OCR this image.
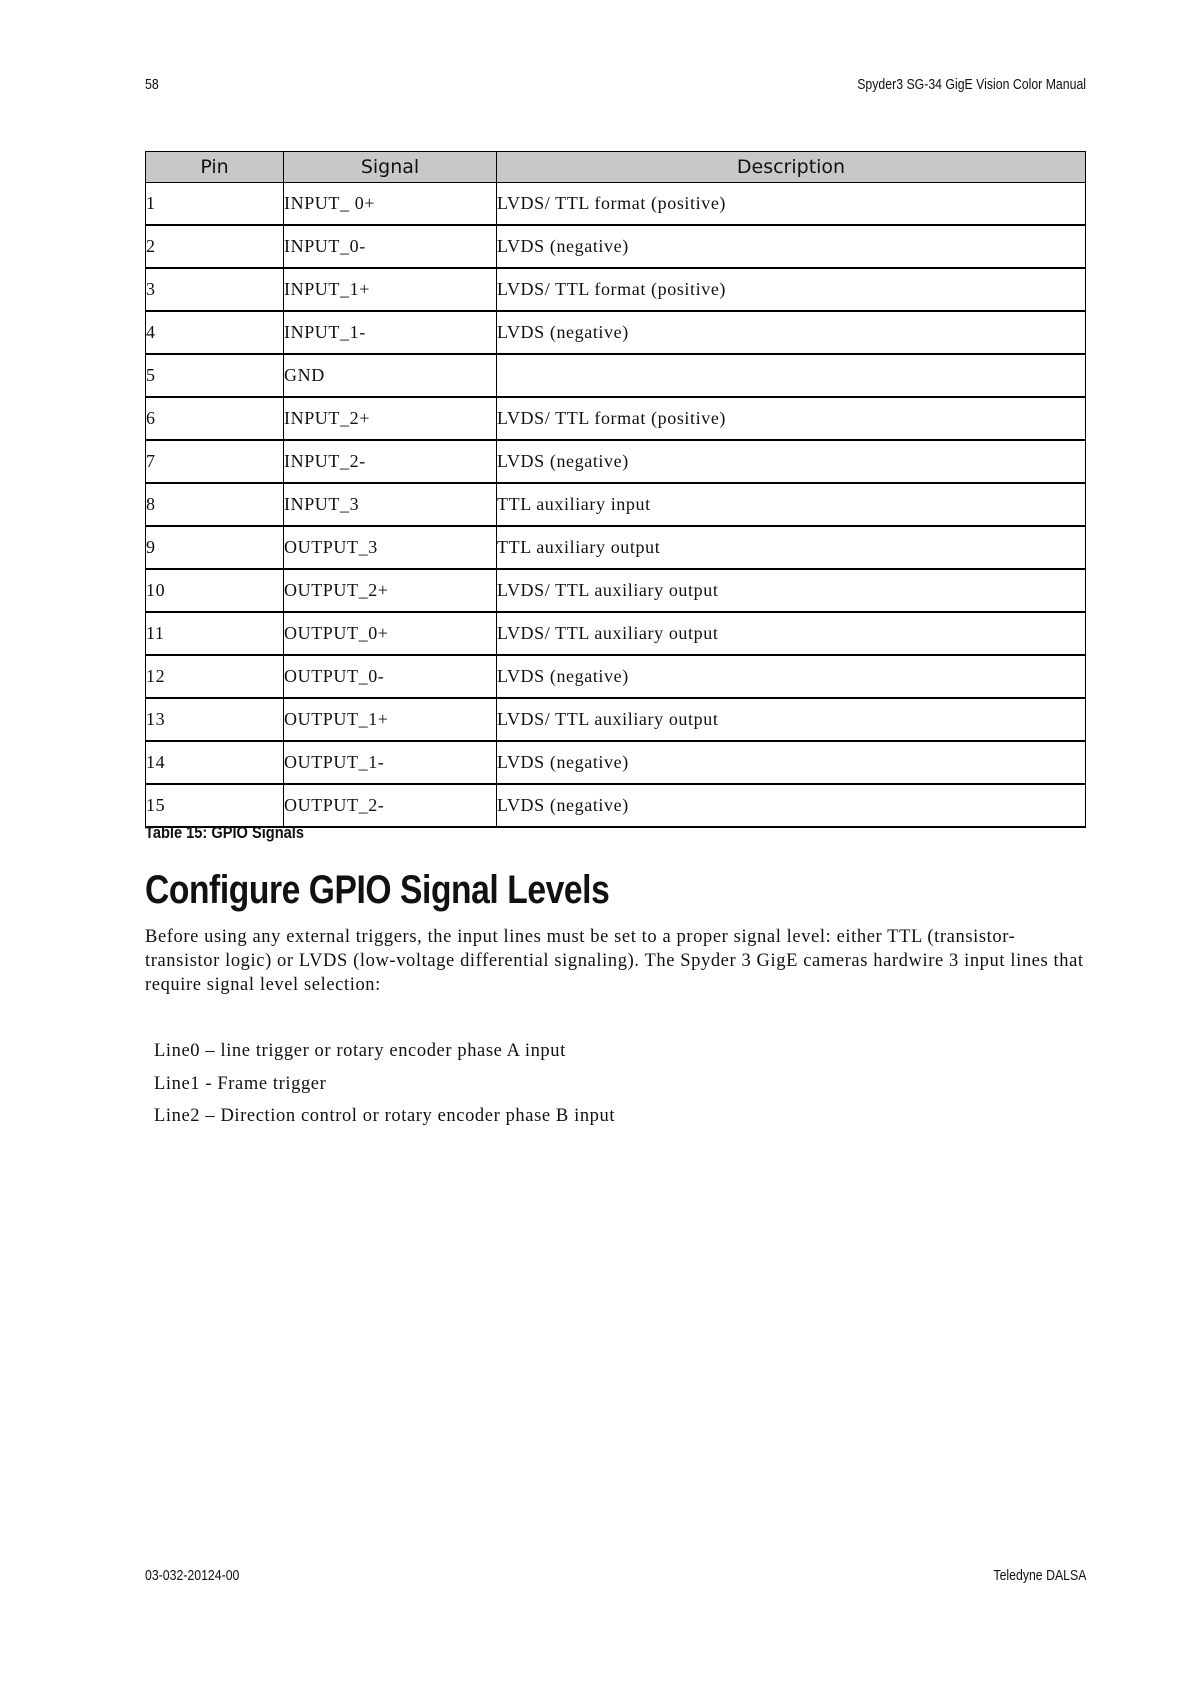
58	Spyder3 SG-34 GigE Vision Color Manual
Pin	Signal	Description
1	INPUT_ 0+	LVDS/ TTL format (positive)
2	INPUT_0-	LVDS (negative)
3	INPUT_1+	LVDS/ TTL format (positive)
4	INPUT_1-	LVDS (negative)
5	GND	
6	INPUT_2+	LVDS/ TTL format (positive)
7	INPUT_2-	LVDS (negative)
8	INPUT_3	TTL auxiliary input
9	OUTPUT_3	TTL auxiliary output
10	OUTPUT_2+	LVDS/ TTL auxiliary output
11	OUTPUT_0+	LVDS/ TTL auxiliary output
12	OUTPUT_0-	LVDS (negative)
13	OUTPUT_1+	LVDS/ TTL auxiliary output
14	OUTPUT_1-	LVDS (negative)
15	OUTPUT_2-	LVDS (negative)
Table 15: GPIO Signals
Configure GPIO Signal Levels

Before using any external triggers, the input lines must be set to a proper signal level: either TTL (transistor-transistor logic) or LVDS (low-voltage differential signaling). The Spyder 3 GigE cameras hardwire 3 input lines that require signal level selection:

Line0 – line trigger or rotary encoder phase A input
Line1 - Frame trigger
Line2 – Direction control or rotary encoder phase B input
03-032-20124-00	Teledyne DALSA
